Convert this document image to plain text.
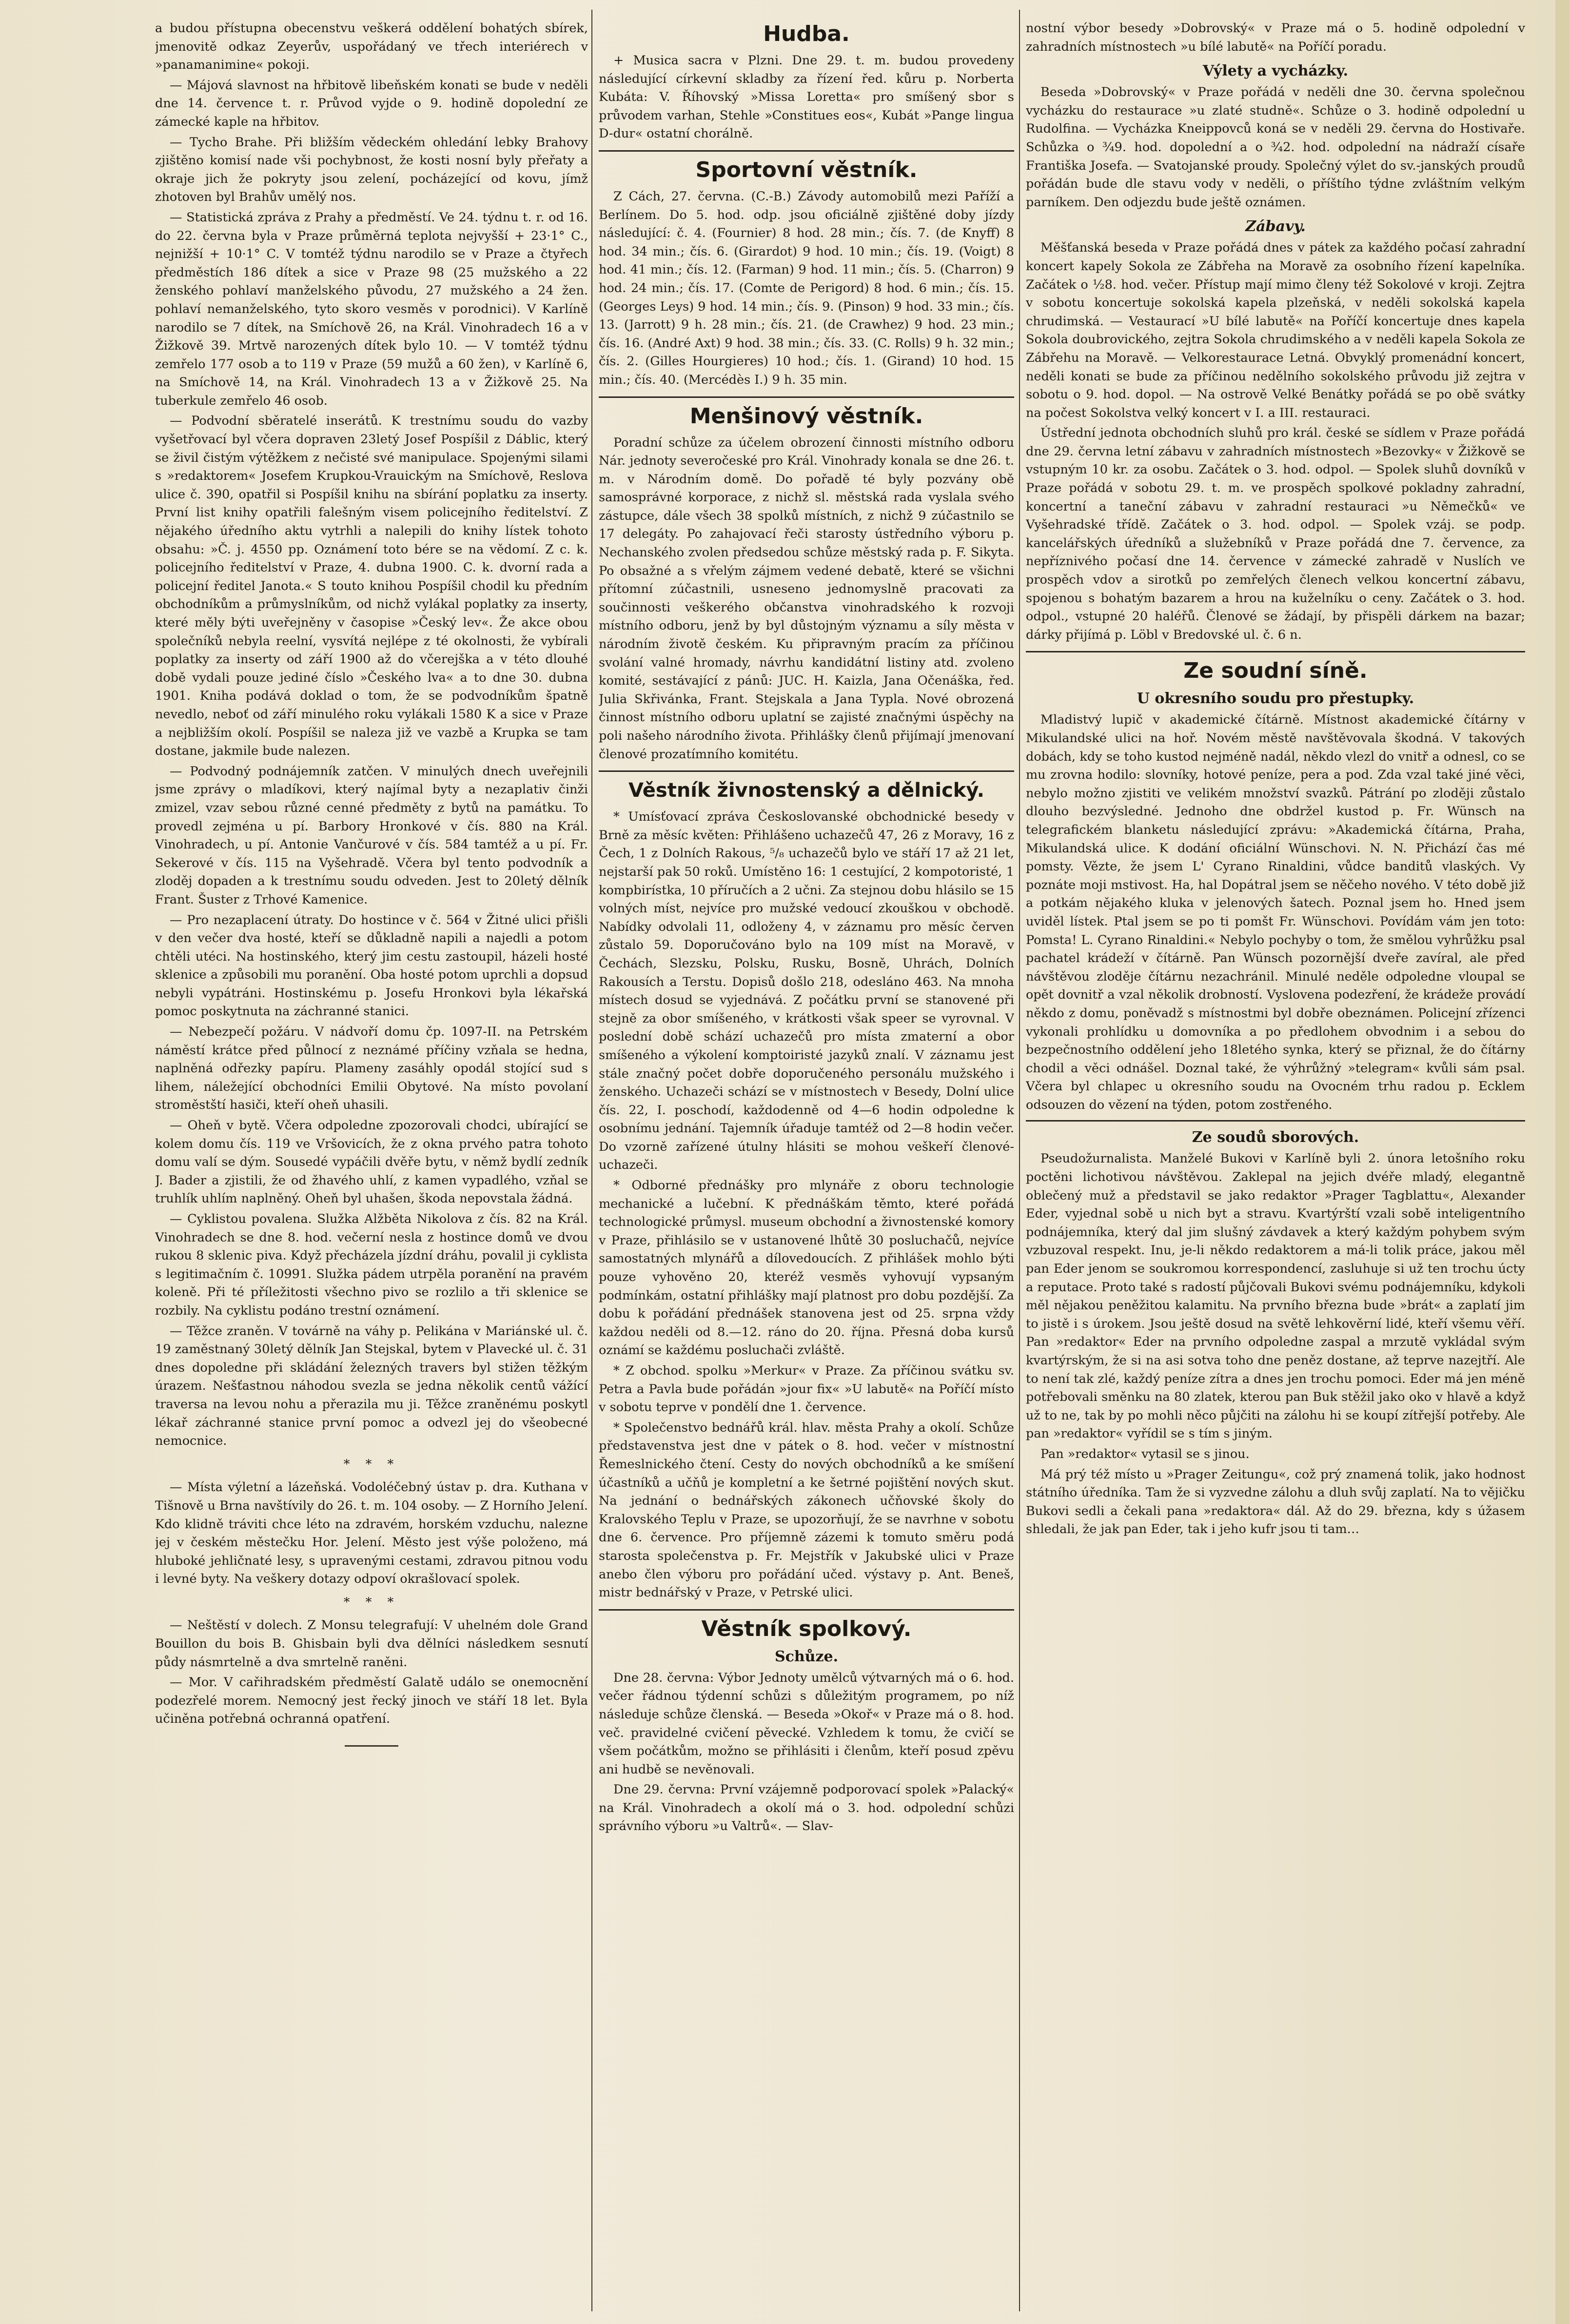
a budou přístupna obecenstvu veškerá oddělení bohatých sbírek, jmenovitě odkaz Zeyerův, uspořádaný ve třech interiérech v »panamanimine« pokoji.

— Májová slavnost na hřbitově libeňském konati se bude v neděli dne 14. července t. r. Průvod vyjde o 9. hodině dopolední ze zámecké kaple na hřbitov.

— Tycho Brahe. Při bližším vědeckém ohledání lebky Brahovy zjištěno komisí nade vši pochybnost, že kosti nosní byly přeřaty a okraje jich že pokryty jsou zelení, pocházející od kovu, jímž zhotoven byl Brahův umělý nos.

— Statistická zpráva z Prahy a předměstí. Ve 24. týdnu t. r. od 16. do 22. června byla v Praze průměrná teplota nejvyšší + 23·1° C., nejnižší + 10·1° C. V tomtéž týdnu narodilo se v Praze a čtyřech předměstích 186 dítek a sice v Praze 98 (25 mužského a 22 ženského pohlaví manželského původu, 27 mužského a 24 žen. pohlaví nemanželského, tyto skoro vesměs v porodnici). V Karlíně narodilo se 7 dítek, na Smíchově 26, na Král. Vinohradech 16 a v Žižkově 39. Mrtvě narozených dítek bylo 10. — V tomtéž týdnu zemřelo 177 osob a to 119 v Praze (59 mužů a 60 žen), v Karlíně 6, na Smíchově 14, na Král. Vinohradech 13 a v Žižkově 25. Na tuberkule zemřelo 46 osob.

— Podvodní sběratelé inserátů. K trestnímu soudu do vazby vyšetřovací byl včera dopraven 23letý Josef Pospíšil z Dáblic, který se živil čistým výtěžkem z nečisté své manipulace. Spojenými silami s »redaktorem« Josefem Krupkou-Vrauickým na Smíchově, Reslova ulice č. 390, opatřil si Pospíšil knihu na sbírání poplatku za inserty. První list knihy opatřili falešným visem policejního ředitelství. Z nějakého úředního aktu vytrhli a nalepili do knihy lístek tohoto obsahu: »Č. j. 4550 pp. Oznámení toto bére se na vědomí. Z c. k. policejního ředitelství v Praze, 4. dubna 1900. C. k. dvorní rada a policejní ředitel Janota.« S touto knihou Pospíšil chodil ku předním obchodníkům a průmyslníkům, od nichž vylákal poplatky za inserty, které měly býti uveřejněny v časopise »Český lev«. Že akce obou společníků nebyla reelní, vysvítá nejlépe z té okolnosti, že vybírali poplatky za inserty od září 1900 až do včerejška a v této dlouhé době vydali pouze jediné číslo »Českého lva« a to dne 30. dubna 1901. Kniha podává doklad o tom, že se podvodníkům špatně nevedlo, neboť od září minulého roku vylákali 1580 K a sice v Praze a nejbližším okolí. Pospíšil se naleza již ve vazbě a Krupka se tam dostane, jakmile bude nalezen.

— Podvodný podnájemník zatčen. V minulých dnech uveřejnili jsme zprávy o mladíkovi, který najímal byty a nezaplativ činži zmizel, vzav sebou různé cenné předměty z bytů na památku. To provedl zejména u pí. Barbory Hronkové v čís. 880 na Král. Vinohradech, u pí. Antonie Vančurové v čís. 584 tamtéž a u pí. Fr. Sekerové v čís. 115 na Vyšehradě. Včera byl tento podvodník a zloděj dopaden a k trestnímu soudu odveden. Jest to 20letý dělník Frant. Šuster z Trhové Kamenice.

— Pro nezaplacení útraty. Do hostince v č. 564 v Žitné ulici přišli v den večer dva hosté, kteří se důkladně napili a najedli a potom chtěli utéci. Na hostinského, který jim cestu zastoupil, házeli hosté sklenice a způsobili mu poranění. Oba hosté potom uprchli a dopsud nebyli vypátráni. Hostinskému p. Josefu Hronkovi byla lékařská pomoc poskytnuta na záchranné stanici.

— Nebezpečí požáru. V nádvoří domu čp. 1097-II. na Petrském náměstí krátce před půlnocí z neznámé příčiny vzňala se hedna, naplněná odřezky papíru. Plameny zasáhly opodál stojící sud s lihem, náležející obchodníci Emilii Obytové. Na místo povolaní stroměstští hasiči, kteří oheň uhasili.

— Oheň v bytě. Včera odpoledne zpozorovali chodci, ubírající se kolem domu čís. 119 ve Vršovicích, že z okna prvého patra tohoto domu valí se dým. Sousedé vypáčili dvěře bytu, v němž bydlí zedník J. Bader a zjistili, že od žhavého uhlí, z kamen vypadlého, vzňal se truhlík uhlím naplněný. Oheň byl uhašen, škoda nepovstala žádná.

— Cyklistou povalena. Služka Alžběta Nikolova z čís. 82 na Král. Vinohradech se dne 8. hod. večerní nesla z hostince domů ve dvou rukou 8 sklenic piva. Když přecházela jízdní dráhu, povalil ji cyklista s legitimačním č. 10991. Služka pádem utrpěla poranění na pravém koleně. Při té příležitosti všechno pivo se rozlilo a tři sklenice se rozbily. Na cyklistu podáno trestní oznámení.

— Těžce zraněn. V továrně na váhy p. Pelikána v Mariánské ul. č. 19 zaměstnaný 30letý dělník Jan Stejskal, bytem v Plavecké ul. č. 31 dnes dopoledne při skládání železných travers byl stižen těžkým úrazem. Nešťastnou náhodou svezla se jedna několik centů vážící traversa na levou nohu a přerazila mu ji. Těžce zraněnému poskytl lékař záchranné stanice první pomoc a odvezl jej do všeobecné nemocnice.

* * *

— Místa výletní a lázeňská. Vodoléčebný ústav p. dra. Kuthana v Tišnově u Brna navštívily do 26. t. m. 104 osoby. — Z Horního Jelení. Kdo klidně tráviti chce léto na zdravém, horském vzduchu, nalezne jej v českém městečku Hor. Jelení. Město jest výše položeno, má hluboké jehličnaté lesy, s upravenými cestami, zdravou pitnou vodu i levné byty. Na veškery dotazy odpoví okrašlovací spolek.

* * *

— Neštěstí v dolech. Z Monsu telegrafují: V uhelném dole Grand Bouillon du bois B. Ghisbain byli dva dělníci následkem sesnutí půdy násmrtelně a dva smrtelně raněni.

— Mor. V cařihradském předměstí Galatě událo se onemocnění podezřelé morem. Nemocný jest řecký jinoch ve stáří 18 let. Byla učiněna potřebná ochranná opatření.

Hudba.

+ Musica sacra v Plzni. Dne 29. t. m. budou provedeny následující církevní skladby za řízení řed. kůru p. Norberta Kubáta: V. Říhovský »Missa Loretta« pro smíšený sbor s průvodem varhan, Stehle »Constitues eos«, Kubát »Pange lingua D-dur« ostatní chorálně.

Sportovní věstník.

Z Cách, 27. června. (C.-B.) Závody automobilů mezi Paříží a Berlínem. Do 5. hod. odp. jsou oficiálně zjištěné doby jízdy následující: č. 4. (Fournier) 8 hod. 28 min.; čís. 7. (de Knyff) 8 hod. 34 min.; čís. 6. (Girardot) 9 hod. 10 min.; čís. 19. (Voigt) 8 hod. 41 min.; čís. 12. (Farman) 9 hod. 11 min.; čís. 5. (Charron) 9 hod. 24 min.; čís. 17. (Comte de Perigord) 8 hod. 6 min.; čís. 15. (Georges Leys) 9 hod. 14 min.; čís. 9. (Pinson) 9 hod. 33 min.; čís. 13. (Jarrott) 9 h. 28 min.; čís. 21. (de Crawhez) 9 hod. 23 min.; čís. 16. (André Axt) 9 hod. 38 min.; čís. 33. (C. Rolls) 9 h. 32 min.; čís. 2. (Gilles Hourgieres) 10 hod.; čís. 1. (Girand) 10 hod. 15 min.; čís. 40. (Mercédès I.) 9 h. 35 min.

Menšinový věstník.

Poradní schůze za účelem obrození činnosti místního odboru Nár. jednoty severočeské pro Král. Vinohrady konala se dne 26. t. m. v Národním domě. Do pořadě té byly pozvány obě samosprávné korporace, z nichž sl. městská rada vyslala svého zástupce, dále všech 38 spolků místních, z nichž 9 zúčastnilo se 17 delegáty. Po zahajovací řeči starosty ústředního výboru p. Nechanského zvolen předsedou schůze městský rada p. F. Sikyta. Po obsažné a s vřelým zájmem vedené debatě, které se všichni přítomní zúčastnili, usneseno jednomyslně pracovati za součinnosti veškerého občanstva vinohradského k rozvoji místního odboru, jenž by byl důstojným významu a síly města v národním životě českém. Ku připravným pracím za příčinou svolání valné hromady, návrhu kandidátní listiny atd. zvoleno komité, sestávající z pánů: JUC. H. Kaizla, Jana Očenáška, řed. Julia Skřivánka, Frant. Stejskala a Jana Typla. Nové obrozená činnost místního odboru uplatní se zajisté značnými úspěchy na poli našeho národního života. Přihlášky členů přijímají jmenovaní členové prozatímního komitétu.

Věstník živnostenský a dělnický.

* Umísťovací zpráva Českoslovanské obchodnické besedy v Brně za měsíc květen: Přihlášeno uchazečů 47, 26 z Moravy, 16 z Čech, 1 z Dolních Rakous, ⁵/₈ uchazečů bylo ve stáří 17 až 21 let, nejstarší pak 50 roků. Umístěno 16: 1 cestující, 2 kompotoristé, 1 kompbirístka, 10 příručích a 2 učni. Za stejnou dobu hlásilo se 15 volných míst, nejvíce pro mužské vedoucí zkouškou v obchodě. Nabídky odvolali 11, odloženy 4, v záznamu pro měsíc červen zůstalo 59. Doporučováno bylo na 109 míst na Moravě, v Čechách, Slezsku, Polsku, Rusku, Bosně, Uhrách, Dolních Rakousích a Terstu. Dopisů došlo 218, odesláno 463. Na mnoha místech dosud se vyjednává. Z počátku první se stanovené při stejně za obor smíšeného, v krátkosti však speer se vyrovnal. V poslední době schází uchazečů pro místa zmaterní a obor smíšeného a výkolení komptoiristé jazyků znalí. V záznamu jest stále značný počet dobře doporučeného personálu mužského i ženského. Uchazeči schází se v místnostech v Besedy, Dolní ulice čís. 22, I. poschodí, každodenně od 4—6 hodin odpoledne k osobnímu jednání. Tajemník úřaduje tamtéž od 2—8 hodin večer. Do vzorně zařízené útulny hlásiti se mohou veškeří členové-uchazeči.

* Odborné přednášky pro mlynáře z oboru technologie mechanické a lučební. K přednáškám těmto, které pořádá technologické průmysl. museum obchodní a živnostenské komory v Praze, přihlásilo se v ustanovené lhůtě 30 posluchačů, nejvíce samostatných mlynářů a dílovedoucích. Z přihlášek mohlo býti pouze vyhověno 20, kteréž vesměs vyhovují vypsaným podmínkám, ostatní přihlášky mají platnost pro dobu pozdější. Za dobu k pořádání přednášek stanovena jest od 25. srpna vždy každou neděli od 8.—12. ráno do 20. října. Přesná doba kursů oznámí se každému posluchači zvláště.

* Z obchod. spolku »Merkur« v Praze. Za příčinou svátku sv. Petra a Pavla bude pořádán »jour fix« »U labutě« na Poříčí místo v sobotu teprve v pondělí dne 1. července.

* Společenstvo bednářů král. hlav. města Prahy a okolí. Schůze představenstva jest dne v pátek o 8. hod. večer v místnostní Řemeslnického čtení. Cesty do nových obchodníků a ke smíšení účastníků a učňů je kompletní a ke šetrné pojištění nových skut. Na jednání o bednářských zákonech učňovské školy do Kralovského Teplu v Praze, se upozorňují, že se navrhne v sobotu dne 6. července. Pro příjemně zázemi k tomuto směru podá starosta společenstva p. Fr. Mejstřík v Jakubské ulici v Praze anebo člen výboru pro pořádání učed. výstavy p. Ant. Beneš, mistr bednářský v Praze, v Petrské ulici.

Věstník spolkový.
Schůze.

Dne 28. června: Výbor Jednoty umělců výtvarných má o 6. hod. večer řádnou týdenní schůzi s důležitým programem, po níž následuje schůze členská. — Beseda »Okoř« v Praze má o 8. hod. več. pravidelné cvičení pěvecké. Vzhledem k tomu, že cvičí se všem počátkům, možno se přihlásiti i členům, kteří posud zpěvu ani hudbě se nevěnovali.

Dne 29. června: První vzájemně podporovací spolek »Palacký« na Král. Vinohradech a okolí má o 3. hod. odpolední schůzi správního výboru »u Valtrů«. — Slav-

nostní výbor besedy »Dobrovský« v Praze má o 5. hodině odpolední v zahradních místnostech »u bílé labutě« na Poříčí poradu.

Výlety a vycházky.

Beseda »Dobrovský« v Praze pořádá v neděli dne 30. června společnou vycházku do restaurace »u zlaté studně«. Schůze o 3. hodině odpolední u Rudolfina. — Vycházka Kneippovců koná se v neděli 29. června do Hostivaře. Schůzka o ³⁄₄9. hod. dopolední a o ³⁄₄2. hod. odpolední na nádraží císaře Františka Josefa. — Svatojanské proudy. Společný výlet do sv.-janských proudů pořádán bude dle stavu vody v neděli, o příštího týdne zvláštním velkým parníkem. Den odjezdu bude ještě oznámen.

Zábavy.

Měšťanská beseda v Praze pořádá dnes v pátek za každého počasí zahradní koncert kapely Sokola ze Zábřeha na Moravě za osobního řízení kapelníka. Začátek o ¹⁄₂8. hod. večer. Přístup mají mimo členy též Sokolové v kroji. Zejtra v sobotu koncertuje sokolská kapela plzeňská, v neděli sokolská kapela chrudimská. — Vestaurací »U bílé labutě« na Poříčí koncertuje dnes kapela Sokola doubrovického, zejtra Sokola chrudimského a v neděli kapela Sokola ze Zábřehu na Moravě. — Velkorestaurace Letná. Obvyklý promenádní koncert, neděli konati se bude za příčinou nedělního sokolského průvodu již zejtra v sobotu o 9. hod. dopol. — Na ostrově Velké Benátky pořádá se po obě svátky na počest Sokolstva velký koncert v I. a III. restauraci.

Ústřední jednota obchodních sluhů pro král. české se sídlem v Praze pořádá dne 29. června letní zábavu v zahradních místnostech »Bezovky« v Žižkově se vstupným 10 kr. za osobu. Začátek o 3. hod. odpol. — Spolek sluhů dovníků v Praze pořádá v sobotu 29. t. m. ve prospěch spolkové pokladny zahradní, koncertní a taneční zábavu v zahradní restauraci »u Němečků« ve Vyšehradské třídě. Začátek o 3. hod. odpol. — Spolek vzáj. se podp. kancelářských úředníků a služebníků v Praze pořádá dne 7. července, za nepříznivého počasí dne 14. července v zámecké zahradě v Nuslích ve prospěch vdov a sirotků po zemřelých členech velkou koncertní zábavu, spojenou s bohatým bazarem a hrou na kuželníku o ceny. Začátek o 3. hod. odpol., vstupné 20 haléřů. Členové se žádají, by přispěli dárkem na bazar; dárky přijímá p. Löbl v Bredovské ul. č. 6 n.

Ze soudní síně.
U okresního soudu pro přestupky.

Mladistvý lupič v akademické čítárně. Místnost akademické čítárny v Mikulandské ulici na hoř. Novém městě navštěvovala škodná. V takových dobách, kdy se toho kustod nejméně nadál, někdo vlezl do vnitř a odnesl, co se mu zrovna hodilo: slovníky, hotové peníze, pera a pod. Zda vzal také jiné věci, nebylo možno zjistiti ve velikém množství svazků. Pátrání po zloději zůstalo dlouho bezvýsledné. Jednoho dne obdržel kustod p. Fr. Wünsch na telegrafickém blanketu následující zprávu: »Akademická čítárna, Praha, Mikulandská ulice. K dodání oficiální Wünschovi. N. N. Přichází čas mé pomsty. Vězte, že jsem L' Cyrano Rinaldini, vůdce banditů vlaských. Vy poznáte moji mstivost. Ha, hal Dopátral jsem se něčeho nového. V této době již a potkám nějakého kluka v jelenových šatech. Poznal jsem ho. Hned jsem uviděl lístek. Ptal jsem se po ti pomšt Fr. Wünschovi. Povídám vám jen toto: Pomsta! L. Cyrano Rinaldini.« Nebylo pochyby o tom, že smělou vyhrůžku psal pachatel krádeží v čítárně. Pan Wünsch pozornější dveře zavíral, ale před návštěvou zloděje čítárnu nezachránil. Minulé neděle odpoledne vloupal se opět dovnitř a vzal několik drobností. Vyslovena podezření, že krádeže provádí někdo z domu, poněvadž s místnostmi byl dobře obeznámen. Policejní zřízenci vykonali prohlídku u domovníka a po předlohem obvodnim i a sebou do bezpečnostního oddělení jeho 18letého synka, který se přiznal, že do čítárny chodil a věci odnášel. Doznal také, že výhrůžný »telegram« kvůli sám psal. Včera byl chlapec u okresního soudu na Ovocném trhu radou p. Ecklem odsouzen do vězení na týden, potom zostřeného.

Ze soudů sborových.

Pseudožurnalista. Manželé Bukovi v Karlíně byli 2. února letošního roku poctěni lichotivou návštěvou. Zaklepal na jejich dvéře mladý, elegantně oblečený muž a představil se jako redaktor »Prager Tagblattu«, Alexander Eder, vyjednal sobě u nich byt a stravu. Kvartýrští vzali sobě inteligentního podnájemníka, který dal jim slušný závdavek a který každým pohybem svým vzbuzoval respekt. Inu, je-li někdo redaktorem a má-li tolik práce, jakou měl pan Eder jenom se soukromou korrespondencí, zasluhuje si už ten trochu úcty a reputace. Proto také s radostí půjčovali Bukovi svému podnájemníku, kdykoli měl nějakou peněžitou kalamitu. Na prvního března bude »brát« a zaplatí jim to jistě i s úrokem. Jsou ještě dosud na světě lehkověrní lidé, kteří všemu věří. Pan »redaktor« Eder na prvního odpoledne zaspal a mrzutě vykládal svým kvartýrským, že si na asi sotva toho dne peněz dostane, až teprve nazejtří. Ale to není tak zlé, každý peníze zítra a dnes jen trochu pomoci. Eder má jen méně potřebovali směnku na 80 zlatek, kterou pan Buk stěžil jako oko v hlavě a když už to ne, tak by po mohli něco půjčiti na zálohu hi se koupí zítřejší potřeby. Ale pan »redaktor« vyřídil se s tím s jiným.

Pan »redaktor« vytasil se s jinou.

Má prý též místo u »Prager Zeitungu«, což prý znamená tolik, jako hodnost státního úředníka. Tam že si vyzvedne zálohu a dluh svůj zaplatí. Na to vějičku Bukovi sedli a čekali pana »redaktora« dál. Až do 29. března, kdy s úžasem shledali, že jak pan Eder, tak i jeho kufr jsou ti tam…
